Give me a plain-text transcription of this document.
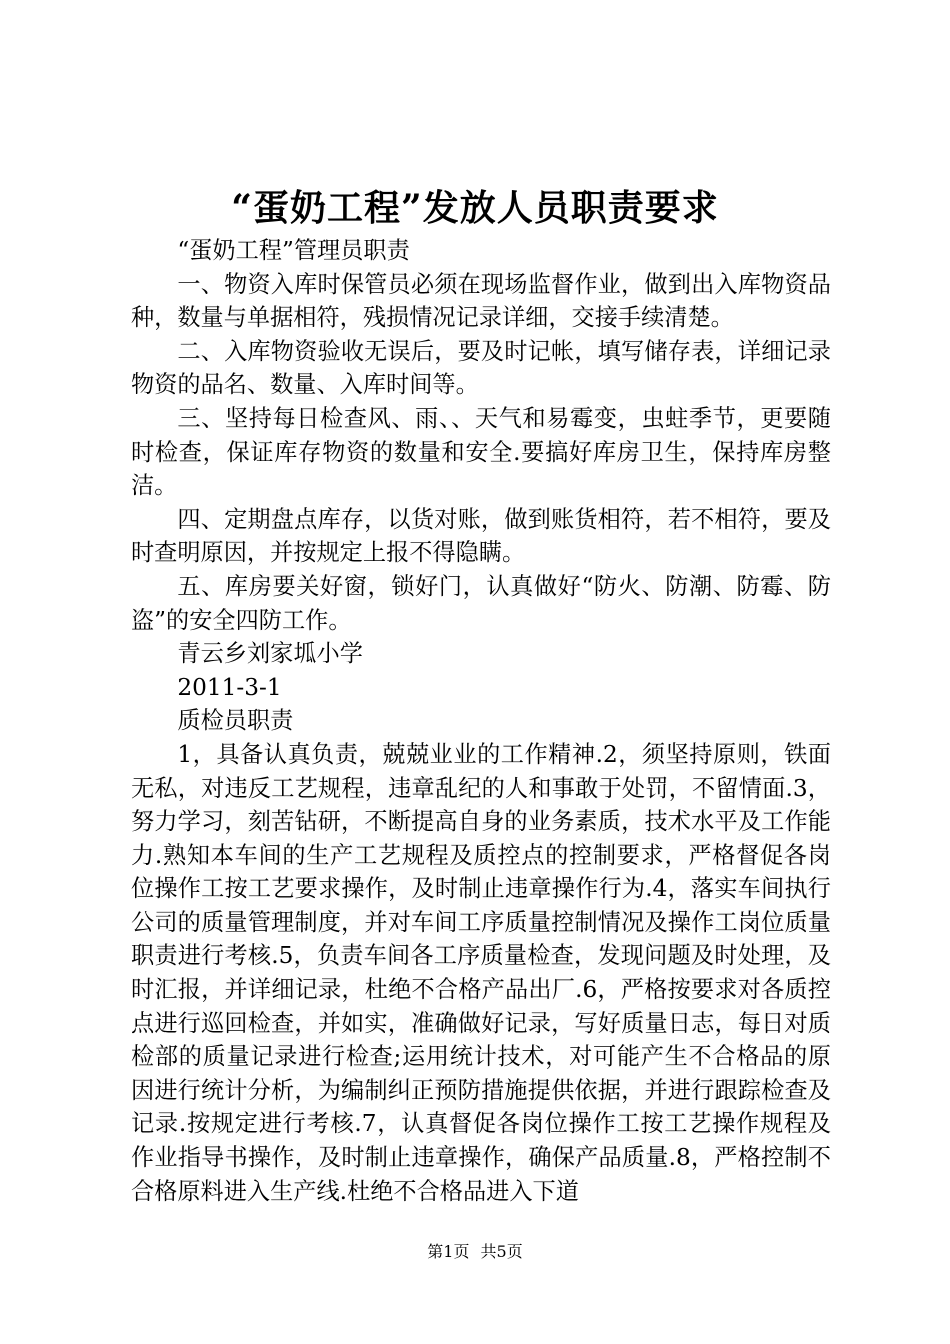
“蛋奶工程”发放人员职责要求

“蛋奶工程”管理员职责

一、物资入库时保管员必须在现场监督作业，做到出入库物资品种，数量与单据相符，残损情况记录详细，交接手续清楚。

二、入库物资验收无误后，要及时记帐，填写储存表，详细记录物资的品名、数量、入库时间等。

三、坚持每日检查风、雨、、天气和易霉变，虫蛀季节，更要随时检查，保证库存物资的数量和安全.要搞好库房卫生，保持库房整洁。

四、定期盘点库存，以货对账，做到账货相符，若不相符，要及时查明原因，并按规定上报不得隐瞒。

五、库房要关好窗，锁好门，认真做好“防火、防潮、防霉、防盗”的安全四防工作。

青云乡刘家坬小学

2011-3-1

质检员职责

1，具备认真负责，兢兢业业的工作精神.2，须坚持原则，铁面无私，对违反工艺规程，违章乱纪的人和事敢于处罚，不留情面.3，努力学习，刻苦钻研，不断提高自身的业务素质，技术水平及工作能力.熟知本车间的生产工艺规程及质控点的控制要求，严格督促各岗位操作工按工艺要求操作，及时制止违章操作行为.4，落实车间执行公司的质量管理制度，并对车间工序质量控制情况及操作工岗位质量职责进行考核.5，负责车间各工序质量检查，发现问题及时处理，及时汇报，并详细记录，杜绝不合格产品出厂.6，严格按要求对各质控点进行巡回检查，并如实，准确做好记录，写好质量日志，每日对质检部的质量记录进行检查;运用统计技术，对可能产生不合格品的原因进行统计分析，为编制纠正预防措施提供依据，并进行跟踪检查及记录.按规定进行考核.7，认真督促各岗位操作工按工艺操作规程及作业指导书操作，及时制止违章操作，确保产品质量.8，严格控制不合格原料进入生产线.杜绝不合格品进入下道

第1页 共5页
